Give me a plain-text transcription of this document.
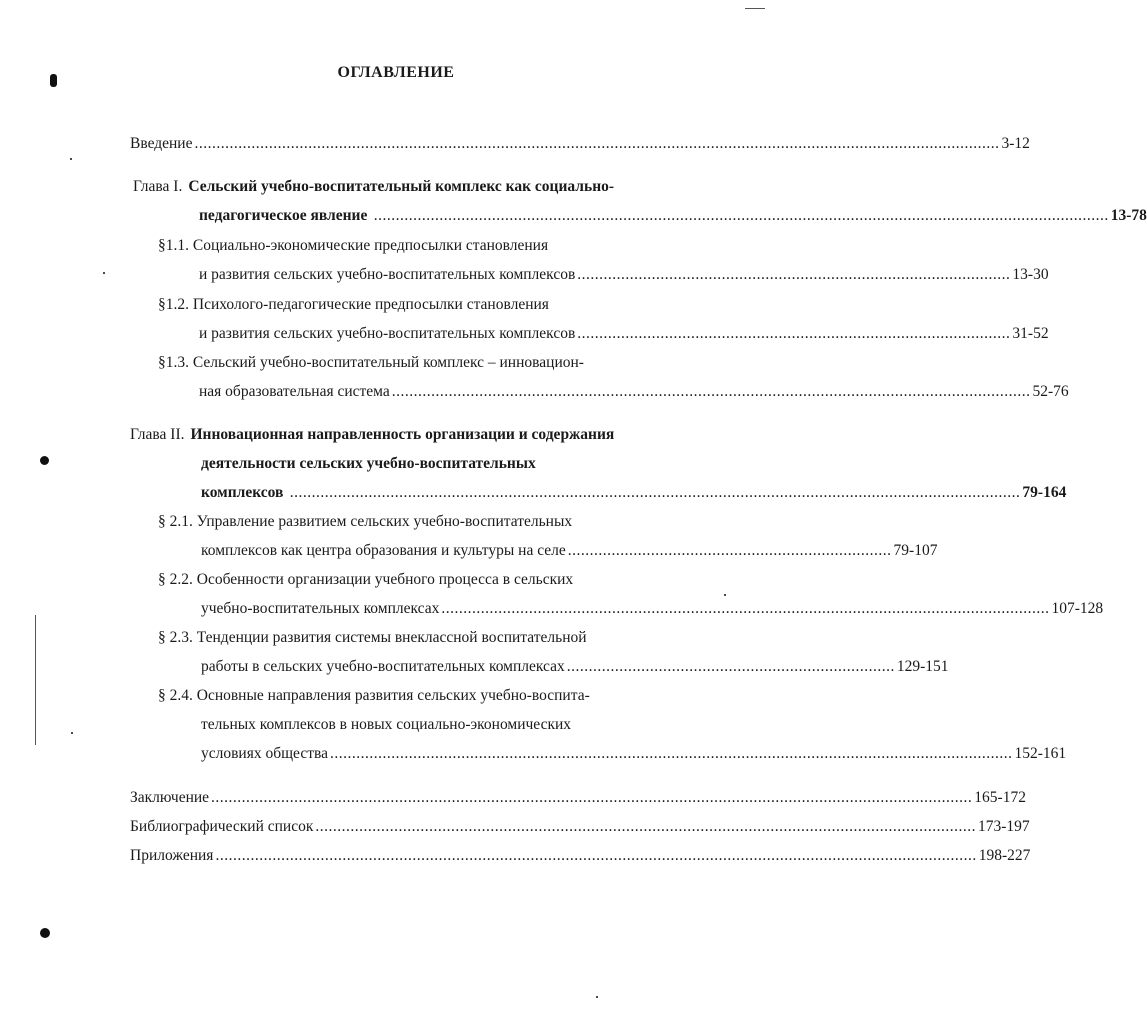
ОГЛАВЛЕНИЕ
Введение ........................................................................................................................................................................................ 3-12
Глава I. Сельский учебно-воспитательный комплекс как социально-
педагогическое явление ........................................................................................................................................................................ 13-78
§1.1. Социально-экономические предпосылки становления
и развития сельских учебно-воспитательных комплексов ................................................................................................... 13-30
§1.2. Психолого-педагогические предпосылки становления
и развития сельских учебно-воспитательных комплексов ................................................................................................... 31-52
§1.3. Сельский учебно-воспитательный комплекс – инновацион-
ная образовательная система .................................................................................................................................................. 52-76
Глава II. Инновационная направленность организации и содержания
деятельности сельских учебно-воспитательных
комплексов ....................................................................................................................................................................... 79-164
§ 2.1. Управление развитием сельских учебно-воспитательных
комплексов как центра образования и культуры на селе .......................................................................... 79-107
§ 2.2. Особенности организации учебного процесса в сельских
учебно-воспитательных комплексах ........................................................................................................................................... 107-128
§ 2.3. Тенденции развития системы внеклассной воспитательной
работы в сельских учебно-воспитательных комплексах ........................................................................... 129-151
§ 2.4. Основные направления развития сельских учебно-воспита-
тельных комплексов в новых социально-экономических
условиях общества ............................................................................................................................................................ 152-161
Заключение .............................................................................................................................................................................. 165-172
Библиографический список ....................................................................................................................................................... 173-197
Приложения .............................................................................................................................................................................. 198-227
